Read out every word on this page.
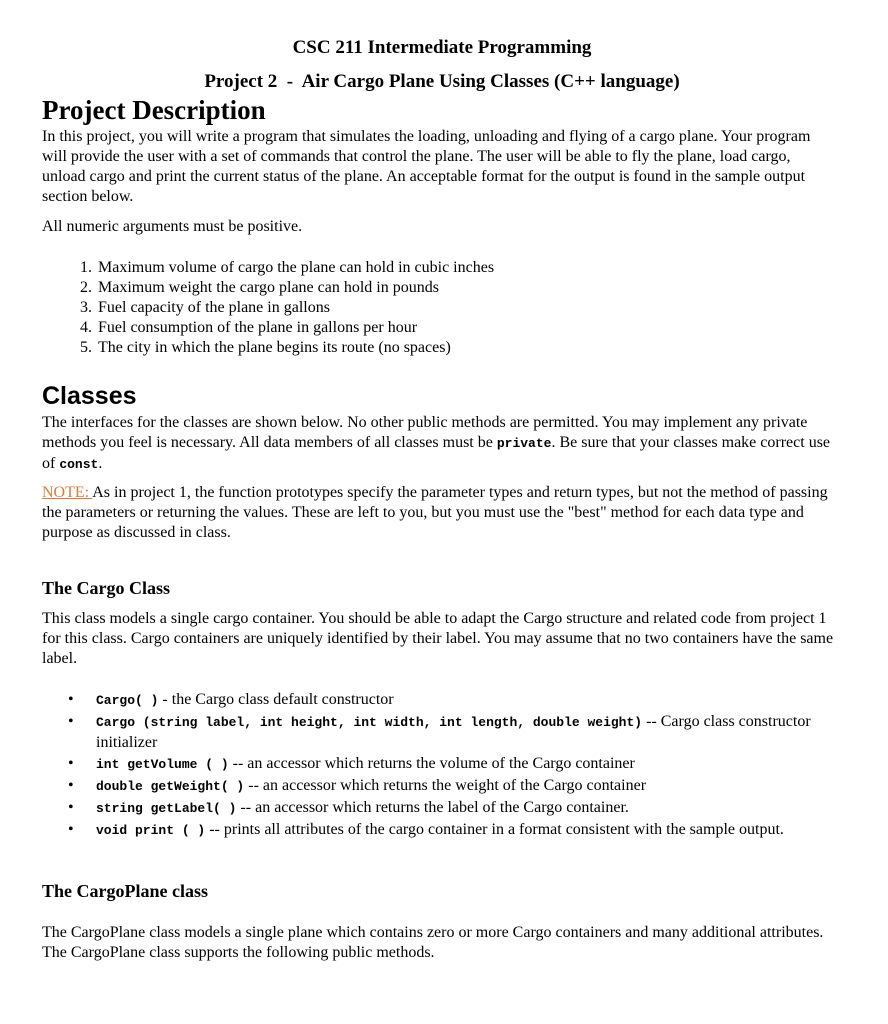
CSC 211 Intermediate Programming
Project 2  -  Air Cargo Plane Using Classes (C++ language)
Project Description
In this project, you will write a program that simulates the loading, unloading and flying of a cargo plane. Your program will provide the user with a set of commands that control the plane. The user will be able to fly the plane, load cargo, unload cargo and print the current status of the plane. An acceptable format for the output is found in the sample output section below.
All numeric arguments must be positive.
1. Maximum volume of cargo the plane can hold in cubic inches
2. Maximum weight the cargo plane can hold in pounds
3. Fuel capacity of the plane in gallons
4. Fuel consumption of the plane in gallons per hour
5. The city in which the plane begins its route (no spaces)
Classes
The interfaces for the classes are shown below. No other public methods are permitted. You may implement any private methods you feel is necessary. All data members of all classes must be private. Be sure that your classes make correct use of const.
NOTE: As in project 1, the function prototypes specify the parameter types and return types, but not the method of passing the parameters or returning the values. These are left to you, but you must use the "best" method for each data type and purpose as discussed in class.
The Cargo Class
This class models a single cargo container. You should be able to adapt the Cargo structure and related code from project 1 for this class. Cargo containers are uniquely identified by their label. You may assume that no two containers have the same label.
• Cargo( ) - the Cargo class default constructor
• Cargo (string label, int height, int width, int length, double weight) -- Cargo class constructor initializer
• int getVolume ( ) -- an accessor which returns the volume of the Cargo container
• double getWeight( ) -- an accessor which returns the weight of the Cargo container
• string getLabel( ) -- an accessor which returns the label of the Cargo container.
• void print ( ) -- prints all attributes of the cargo container in a format consistent with the sample output.
The CargoPlane class
The CargoPlane class models a single plane which contains zero or more Cargo containers and many additional attributes. The CargoPlane class supports the following public methods.
